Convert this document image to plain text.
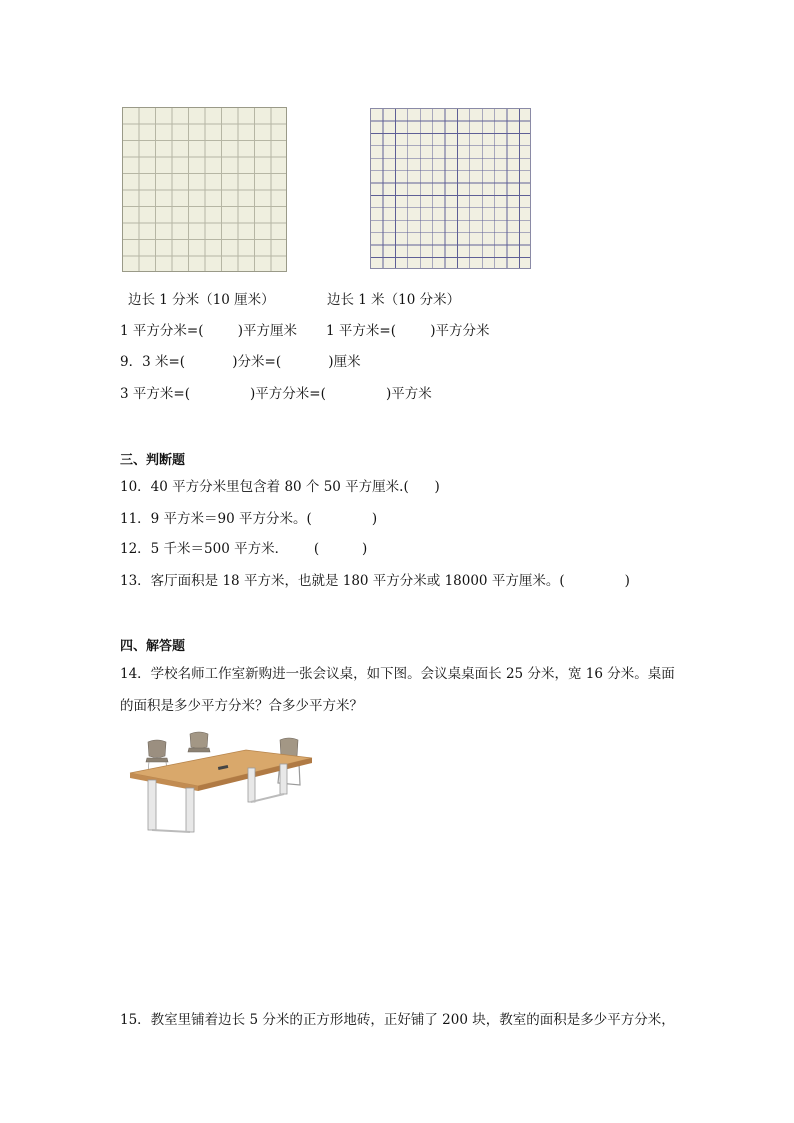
边长 1 分米（10 厘米）	边长 1 米（10 分米）
1 平方分米=(        )平方厘米 1 平方米=(        )平方分米
9．3 米=(           )分米=(           )厘米
3 平方米=(              )平方分米=(              )平方米
三、判断题
10．40 平方分米里包含着 80 个 50 平方厘米.(      )
11．9 平方米＝90 平方分米。(              )
12．5 千米＝500 平方米．      (          )
13．客厅面积是 18 平方米，也就是 180 平方分米或 18000 平方厘米。(              )
四、解答题
14．学校名师工作室新购进一张会议桌，如下图。会议桌桌面长 25 分米，宽 16 分米。桌面
的面积是多少平方分米？合多少平方米？
15．教室里铺着边长 5 分米的正方形地砖，正好铺了 200 块，教室的面积是多少平方分米，
